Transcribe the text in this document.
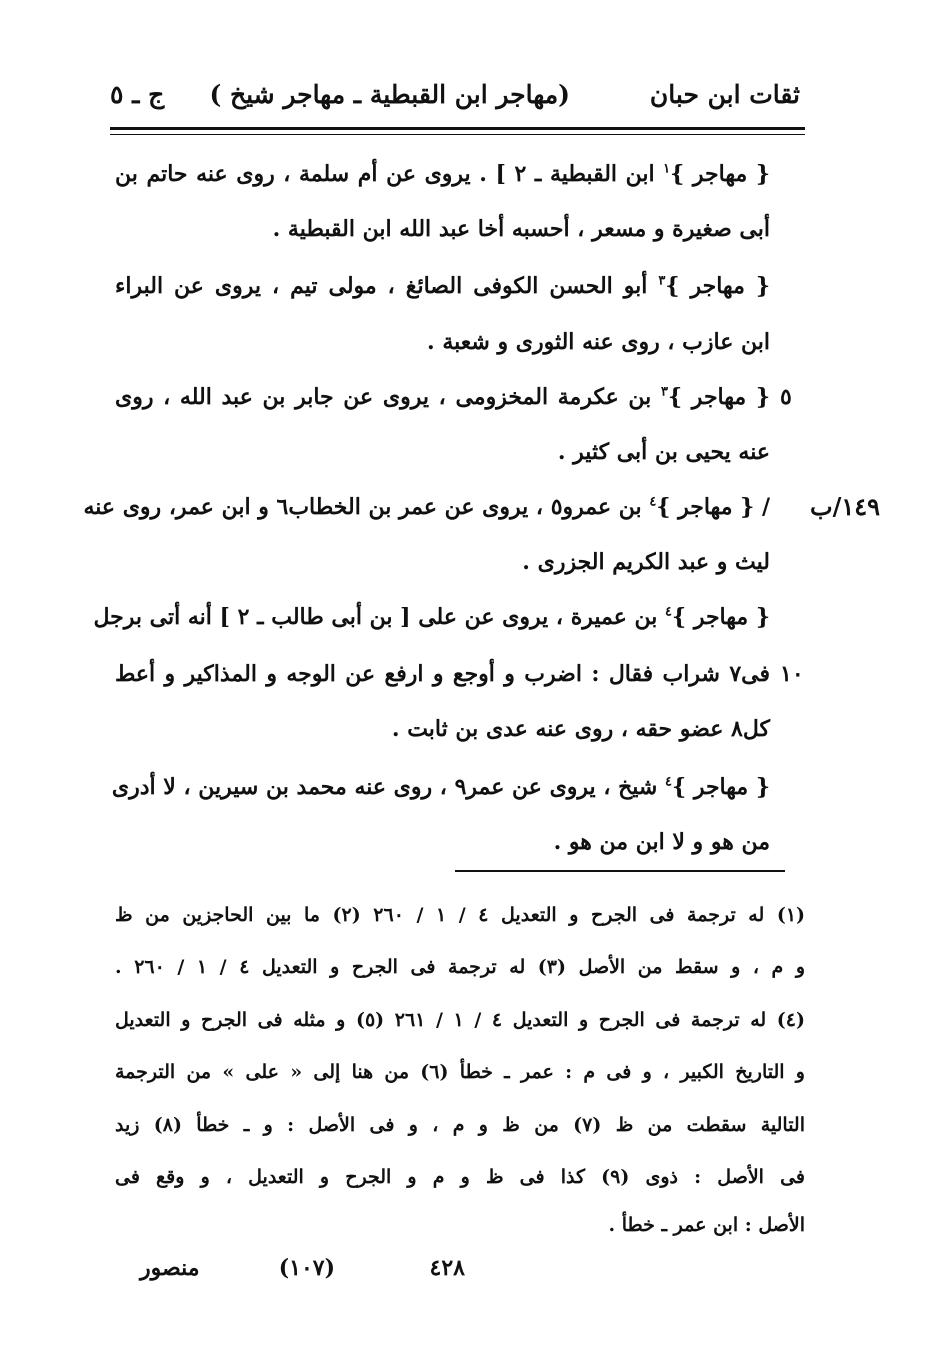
ثقات ابن حبان
(مهاجر ابن القبطية ـ مهاجر شيخ )
ج ـ ٥
{ مهاجر }$^١$ ابن القبطية ـ ٢ ] . يروى عن أم سلمة ، روى عنه حاتم بن
أبى صغيرة و مسعر ، أحسبه أخا عبد الله ابن القبطية .
{ مهاجر }$^٣$ أبو الحسن الكوفى الصائغ ، مولى تيم ، يروى عن البراء
ابن عازب ، روى عنه الثورى و شعبة .
{ مهاجر }$^٣$ بن عكرمة المخزومى ، يروى عن جابر بن عبد الله ، روى
عنه يحيى بن أبى كثير .
/ { مهاجر }$^٤$ بن عمرو٥ ، يروى عن عمر بن الخطاب٦ و ابن عمر، روى عنه
ليث و عبد الكريم الجزرى .
{ مهاجر }$^٤$ بن عميرة ، يروى عن على [ بن أبى طالب ـ ٢ ] أنه أتى برجل
فى٧ شراب فقال : اضرب و أوجع و ارفع عن الوجه و المذاكير و أعط
كل٨ عضو حقه ، روى عنه عدى بن ثابت .
{ مهاجر }$^٤$ شيخ ، يروى عن عمر٩ ، روى عنه محمد بن سيرين ، لا أدرى
من هو و لا ابن من هو .
٥
١٠
١٤٩/ب
(١) له ترجمة فى الجرح و التعديل ٤ / ١ / ٢٦٠ (٢) ما بين الحاجزين من ظ
و م ، و سقط من الأصل (٣) له ترجمة فى الجرح و التعديل ٤ / ١ / ٢٦٠ .
(٤) له ترجمة فى الجرح و التعديل ٤ / ١ / ٢٦١ (٥) و مثله فى الجرح و التعديل
و التاريخ الكبير ، و فى م : عمر ـ خطأ (٦) من هنا إلى « على » من الترجمة
التالية سقطت من ظ (٧) من ظ و م ، و فى الأصل : و ـ خطأ (٨) زيد
فى الأصل : ذوى (٩) كذا فى ظ و م و الجرح و التعديل ، و وقع فى
الأصل : ابن عمر ـ خطأ .
٤٢٨
(١٠٧)
منصور
